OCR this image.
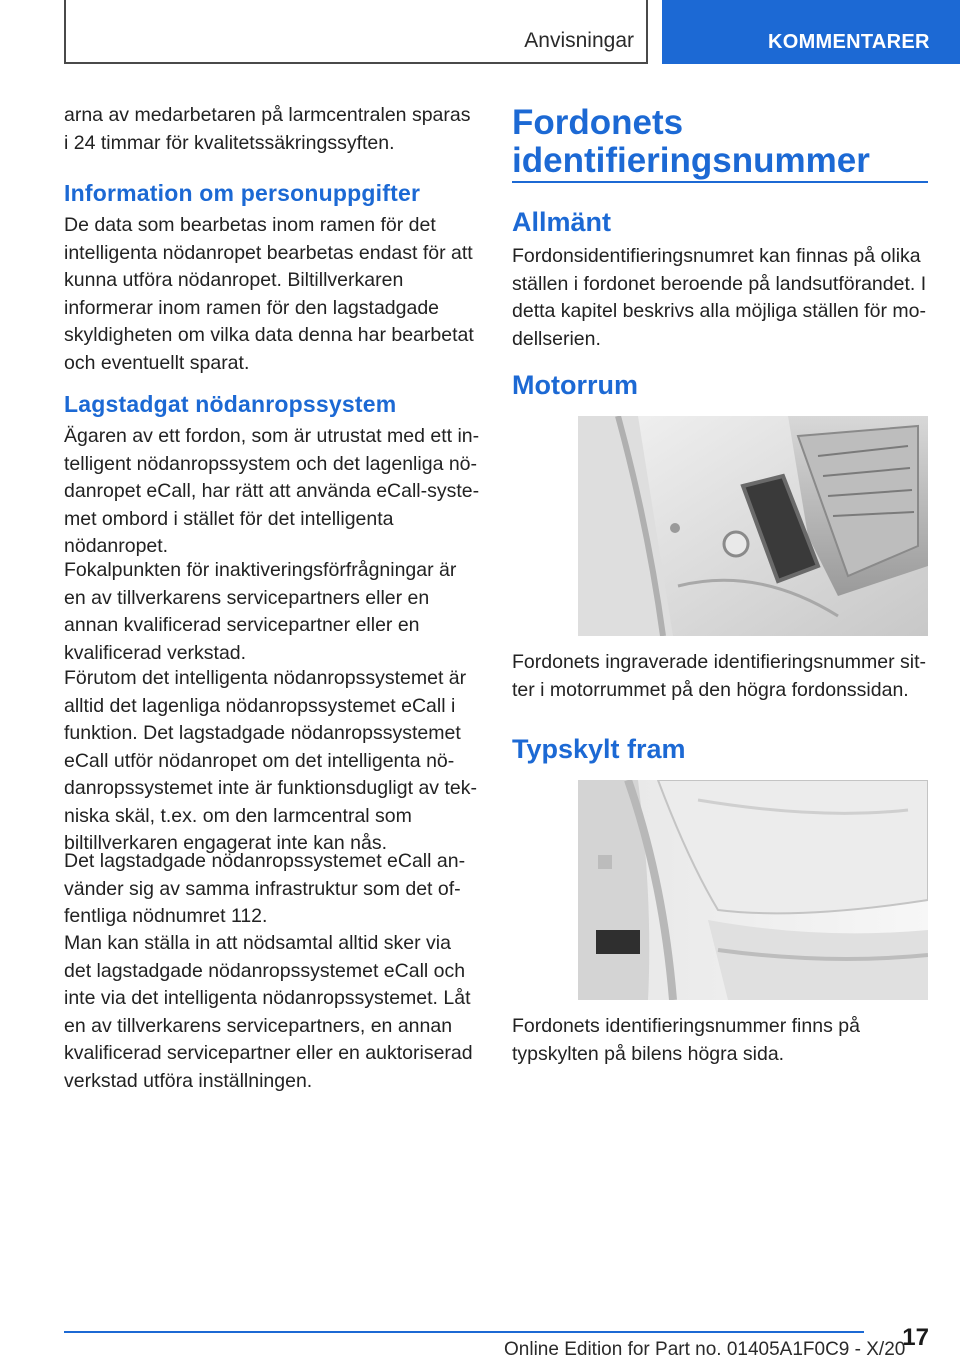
Anvisningar	KOMMENTARER

arna av medarbetaren på larmcentralen sparas i 24 timmar för kvalitetssäkringssyften.

Information om personuppgifter

De data som bearbetas inom ramen för det intelligenta nödanropet bearbetas endast för att kunna utföra nödanropet. Biltillverkaren informerar inom ramen för den lagstadgade skyldigheten om vilka data denna har bearbetat och eventuellt sparat.

Lagstadgat nödanropssystem

Ägaren av ett fordon, som är utrustat med ett intelligent nödanropssystem och det lagenliga nödanropet eCall, har rätt att använda eCall-systemet ombord i stället för det intelligenta nödanropet.

Fokalpunkten för inaktiveringsförfrågningar är en av tillverkarens servicepartners eller en annan kvalificerad servicepartner eller en kvalificerad verkstad.

Förutom det intelligenta nödanropssystemet är alltid det lagenliga nödanropssystemet eCall i funktion. Det lagstadgade nödanropssystemet eCall utför nödanropet om det intelligenta nödanropssystemet inte är funktionsdugligt av tekniska skäl, t.ex. om den larmcentral som biltillverkaren engagerat inte kan nås.

Det lagstadgade nödanropssystemet eCall använder sig av samma infrastruktur som det offentliga nödnumret 112.

Man kan ställa in att nödsamtal alltid sker via det lagstadgade nödanropssystemet eCall och inte via det intelligenta nödanropssystemet. Låt en av tillverkarens servicepartners, en annan kvalificerad servicepartner eller en auktoriserad verkstad utföra inställningen.

Fordonets
identifieringsnummer
Allmänt

Fordonsidentifieringsnumret kan finnas på olika ställen i fordonet beroende på landsutförandet. I detta kapitel beskrivs alla möjliga ställen för modellserien.

Motorrum

Fordonets ingraverade identifieringsnummer sitter i motorrummet på den högra fordonssidan.

Typskylt fram

Fordonets identifieringsnummer finns på typskylten på bilens högra sida.

17
Online Edition for Part no. 01405A1F0C9 - X/20
